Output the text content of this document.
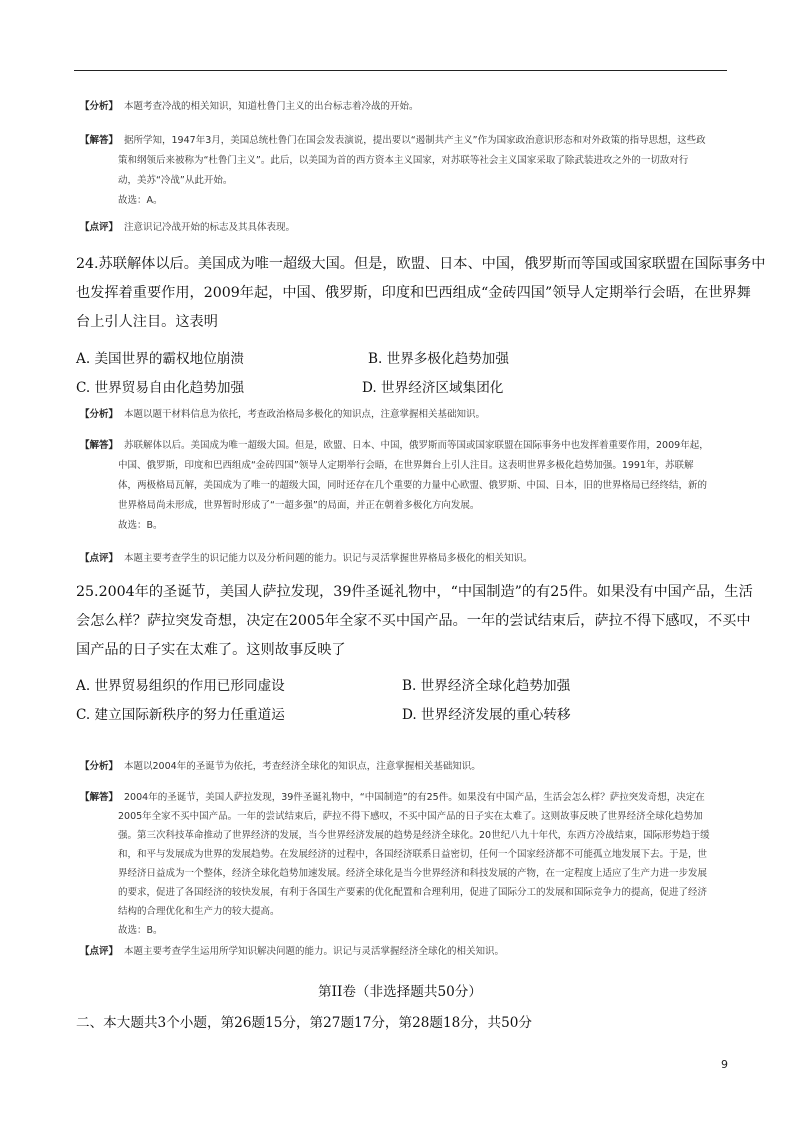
【分析】 本题考查冷战的相关知识，知道杜鲁门主义的出台标志着冷战的开始。
【解答】 据所学知，1947年3月，美国总统杜鲁门在国会发表演说，提出要以“遏制共产主义”作为国家政治意识形态和对外政策的指导思想，这些政
策和纲领后来被称为“杜鲁门主义”。此后，以美国为首的西方资本主义国家，对苏联等社会主义国家采取了除武装进攻之外的一切敌对行
动，美苏“冷战”从此开始。
故选：A。
【点评】 注意识记冷战开始的标志及其具体表现。
24.苏联解体以后。美国成为唯一超级大国。但是，欧盟、日本、中国，俄罗斯而等国或国家联盟在国际事务中
也发挥着重要作用，2009年起，中国、俄罗斯，印度和巴西组成“金砖四国”领导人定期举行会晤，在世界舞
台上引人注目。这表明
A. 美国世界的霸权地位崩溃	B. 世界多极化趋势加强
C. 世界贸易自由化趋势加强	D. 世界经济区域集团化
【分析】 本题以题干材料信息为依托，考查政治格局多极化的知识点，注意掌握相关基础知识。
【解答】 苏联解体以后。美国成为唯一超级大国。但是，欧盟、日本、中国，俄罗斯而等国或国家联盟在国际事务中也发挥着重要作用，2009年起，
中国、俄罗斯，印度和巴西组成“金砖四国”领导人定期举行会晤，在世界舞台上引人注目。这表明世界多极化趋势加强。1991年，苏联解
体，两极格局瓦解，美国成为了唯一的超级大国，同时还存在几个重要的力量中心欧盟、俄罗斯、中国、日本，旧的世界格局已经终结，新的
世界格局尚未形成，世界暂时形成了“一超多强”的局面，并正在朝着多极化方向发展。
故选：B。
【点评】 本题主要考查学生的识记能力以及分析问题的能力。识记与灵活掌握世界格局多极化的相关知识。
25.2004年的圣诞节，美国人萨拉发现，39件圣诞礼物中，“中国制造”的有25件。如果没有中国产品，生活
会怎么样？萨拉突发奇想，决定在2005年全家不买中国产品。一年的尝试结束后，萨拉不得下感叹，不买中
国产品的日子实在太难了。这则故事反映了
A. 世界贸易组织的作用已形同虚设	B. 世界经济全球化趋势加强
C. 建立国际新秩序的努力任重道运	D. 世界经济发展的重心转移
【分析】 本题以2004年的圣诞节为依托，考查经济全球化的知识点，注意掌握相关基础知识。
【解答】 2004年的圣诞节，美国人萨拉发现，39件圣诞礼物中，“中国制造”的有25件。如果没有中国产品，生活会怎么样？萨拉突发奇想，决定在
2005年全家不买中国产品。一年的尝试结束后，萨拉不得下感叹，不买中国产品的日子实在太难了。这则故事反映了世界经济全球化趋势加
强。第三次科技革命推动了世界经济的发展，当今世界经济发展的趋势是经济全球化。20世纪八九十年代，东西方冷战结束，国际形势趋于缓
和，和平与发展成为世界的发展趋势。在发展经济的过程中，各国经济联系日益密切，任何一个国家经济都不可能孤立地发展下去。于是，世
界经济日益成为一个整体，经济全球化趋势加速发展。经济全球化是当今世界经济和科技发展的产物，在一定程度上适应了生产力进一步发展
的要求，促进了各国经济的较快发展，有利于各国生产要素的优化配置和合理利用，促进了国际分工的发展和国际竞争力的提高，促进了经济
结构的合理优化和生产力的较大提高。
故选：B。
【点评】 本题主要考查学生运用所学知识解决问题的能力。识记与灵活掌握经济全球化的相关知识。
第II卷（非选择题共50分）
二、本大题共3个小题，第26题15分，第27题17分，第28题18分，共50分
9
